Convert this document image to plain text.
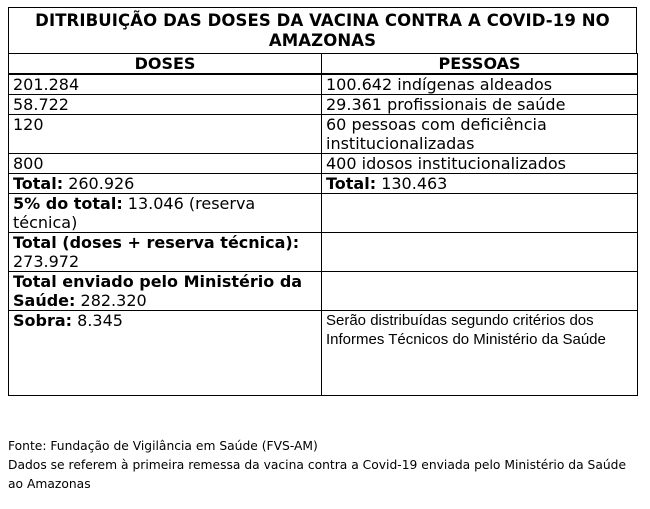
DITRIBUIÇÃO DAS DOSES DA VACINA CONTRA A COVID-19 NO AMAZONAS
DOSES	PESSOAS
201.284	100.642 indígenas aldeados
58.722	29.361 profissionais de saúde
120	60 pessoas com deficiência institucionalizadas
800	400 idosos institucionalizados
Total: 260.926	Total: 130.463
5% do total: 13.046 (reserva técnica)	
Total (doses + reserva técnica): 273.972	
Total enviado pelo Ministério da Saúde: 282.320	
Sobra: 8.345	Serão distribuídas segundo critérios dos Informes Técnicos do Ministério da Saúde
Fonte: Fundação de Vigilância em Saúde (FVS-AM)
Dados se referem à primeira remessa da vacina contra a Covid-19 enviada pelo Ministério da Saúde ao Amazonas
